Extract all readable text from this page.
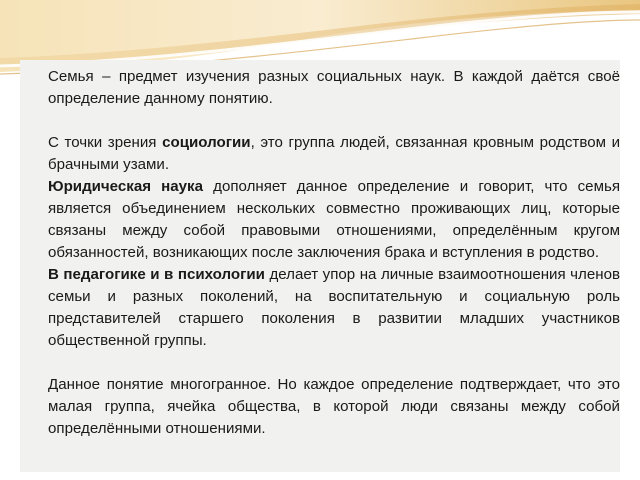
Семья – предмет изучения разных социальных наук. В каждой даётся своё определение данному понятию.

С точки зрения социологии, это группа людей, связанная кровным родством и брачными узами.

Юридическая наука дополняет данное определение и говорит, что семья является объединением нескольких совместно проживающих лиц, которые связаны между собой правовыми отношениями, определённым кругом обязанностей, возникающих после заключения брака и вступления в родство.

В педагогике и в психологии делает упор на личные взаимоотношения членов семьи и разных поколений, на воспитательную и социальную роль представителей старшего поколения в развитии младших участников общественной группы.

Данное понятие многогранное. Но каждое определение подтверждает, что это малая группа, ячейка общества, в которой люди связаны между собой определёнными отношениями.
